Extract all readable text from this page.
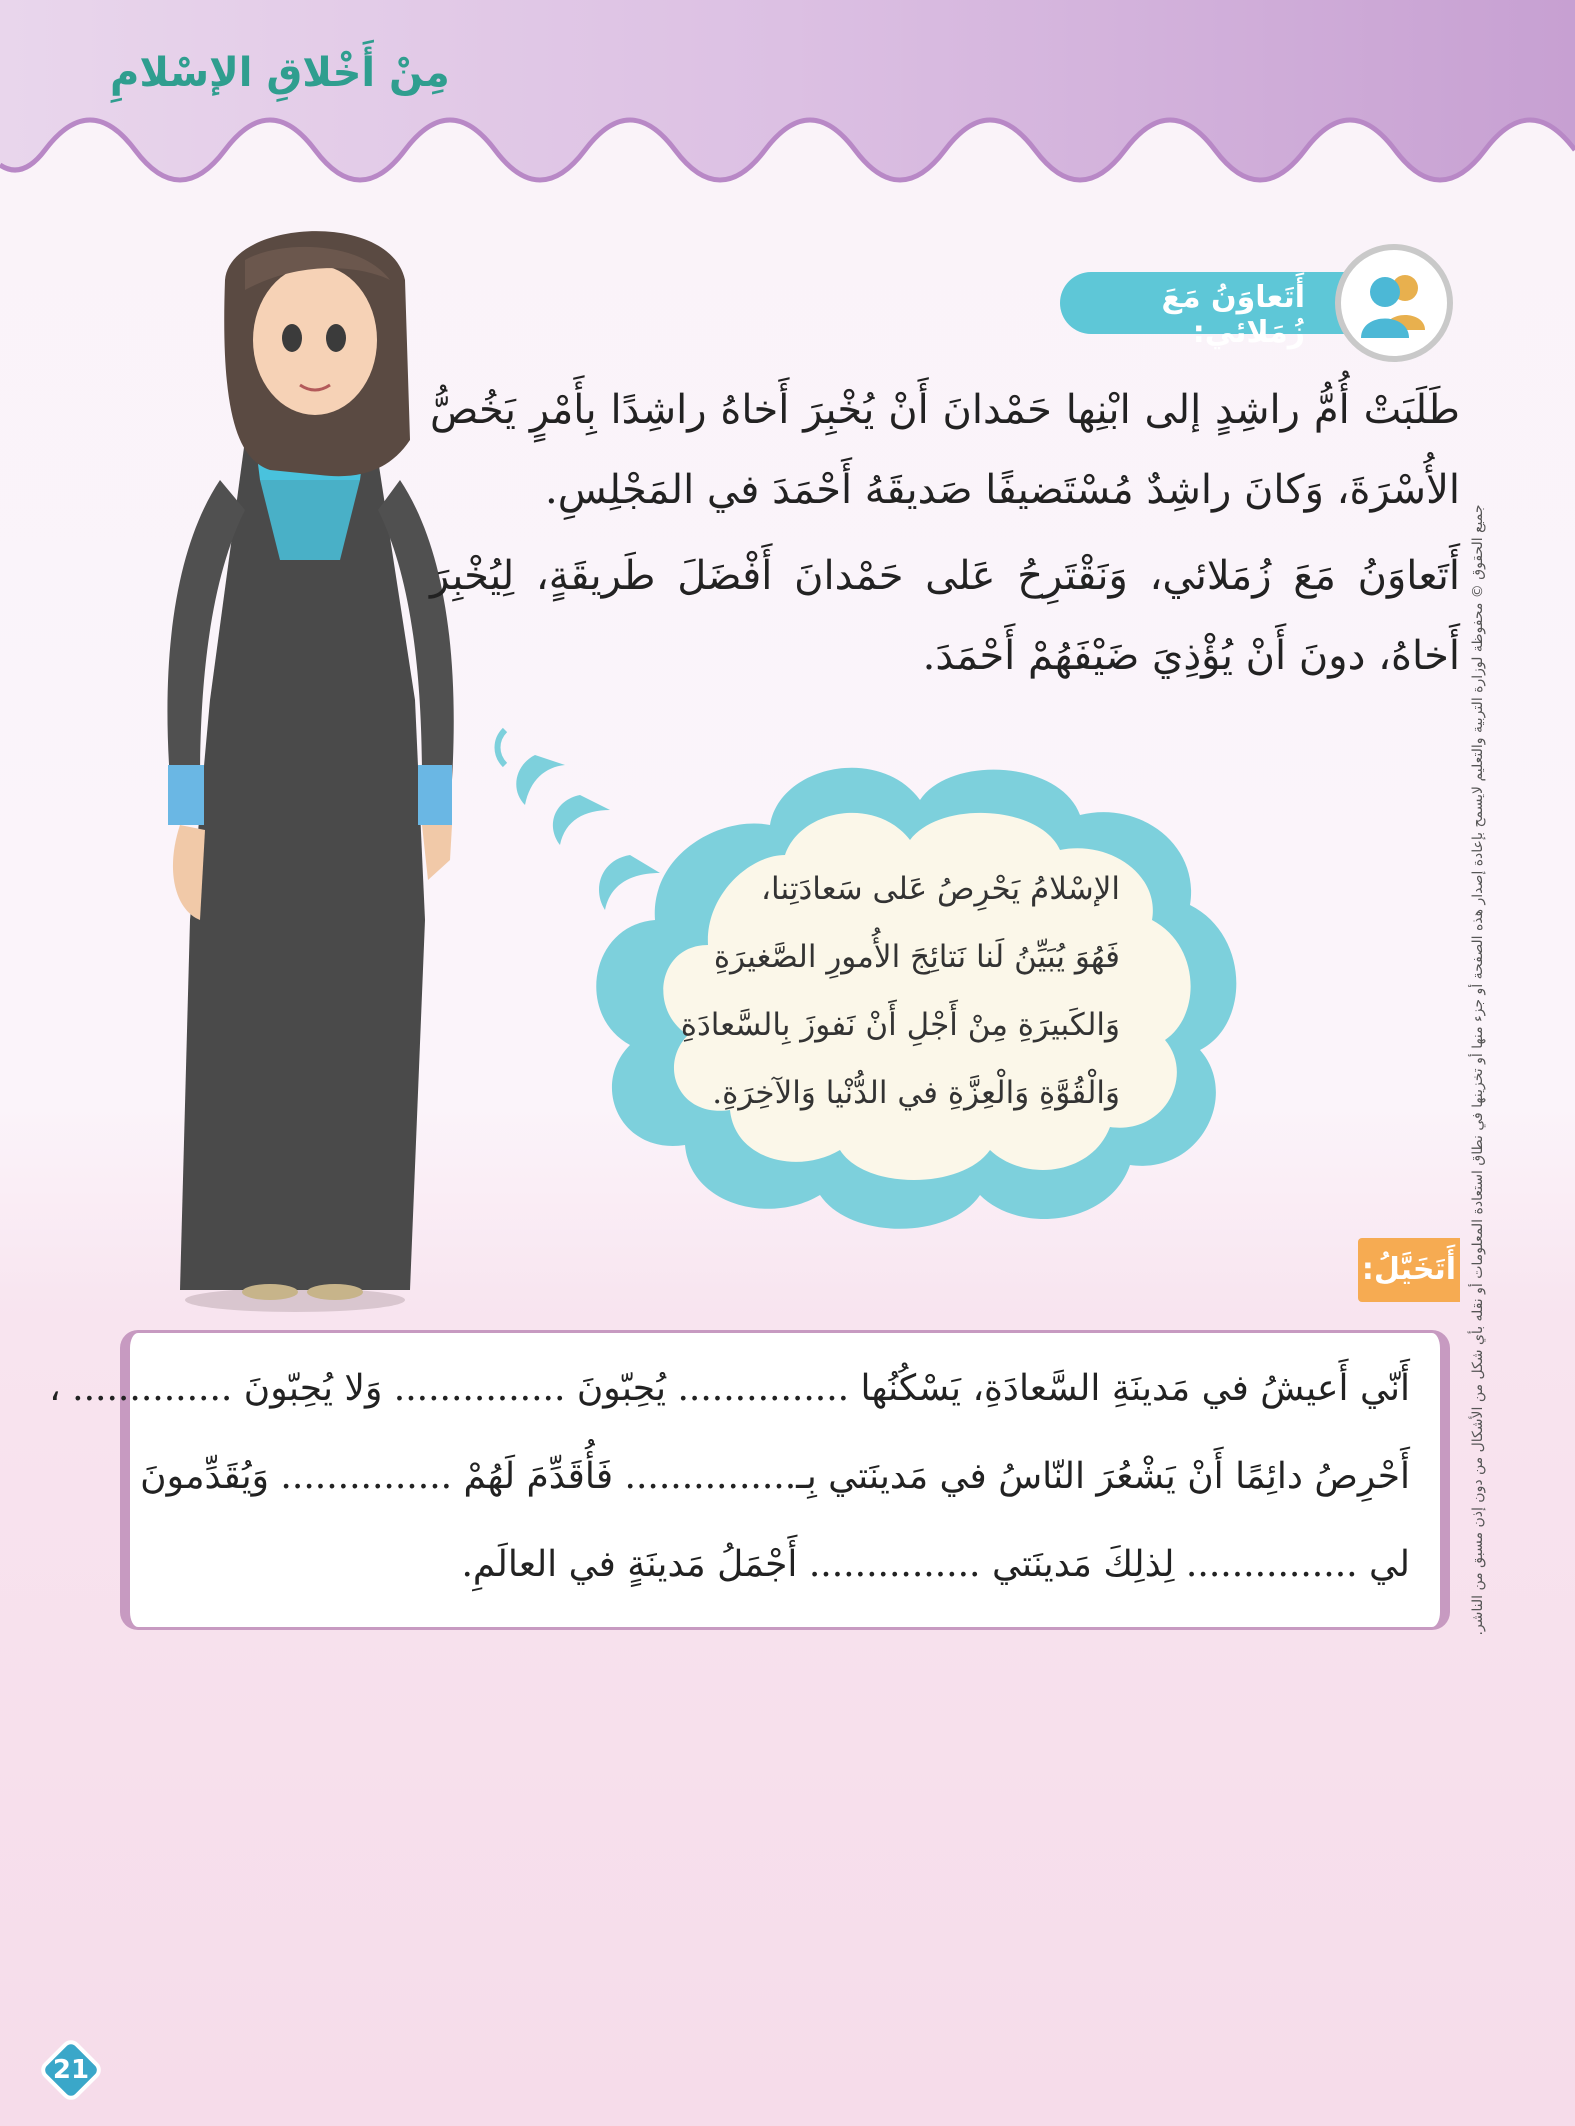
مِنْ أَخْلاقِ الإسْلامِ
أَتَعاوَنُ مَعَ زُمَلائي:

طَلَبَتْ أُمُّ راشِدٍ إلى ابْنِها حَمْدانَ أَنْ يُخْبِرَ أَخاهُ راشِدًا بِأَمْرٍ يَخُصُّ الأُسْرَةَ، وَكانَ راشِدٌ مُسْتَضيفًا صَديقَهُ أَحْمَدَ في المَجْلِسِ.

أَتَعاوَنُ مَعَ زُمَلائي، وَنَقْتَرِحُ عَلى حَمْدانَ أَفْضَلَ طَريقَةٍ، لِيُخْبِرَ أَخاهُ، دونَ أَنْ يُؤْذِيَ ضَيْفَهُمْ أَحْمَدَ.

الإسْلامُ يَحْرِصُ عَلى سَعادَتِنا،
فَهُوَ يُبَيِّنُ لَنا نَتائِجَ الأُمورِ الصَّغيرَةِ
وَالكَبيرَةِ مِنْ أَجْلِ أَنْ نَفوزَ بِالسَّعادَةِ
وَالْقُوَّةِ وَالْعِزَّةِ في الدُّنْيا وَالآخِرَةِ.
أَتَخَيَّلُ:
أَنّي أَعيشُ في مَدينَةِ السَّعادَةِ، يَسْكُنُها ............... يُحِبّونَ ............... وَلا يُحِبّونَ .............. ،
أَحْرِصُ دائِمًا أَنْ يَشْعُرَ النّاسُ في مَدينَتي بِـ............... فَأُقَدِّمَ لَهُمْ ............... وَيُقَدِّمونَ
لي ............... لِذلِكَ مَدينَتي ............... أَجْمَلُ مَدينَةٍ في العالَمِ.	جميع الحقوق © محفوظة لوزارة التربية والتعليم لايسمح بإعادة إصدار هذه الصفحة أو جزء منها أو تخزينها في نطاق استعادة المعلومات أو نقله بأي شكل من الأشكال من دون إذن مسبق من الناشر.
21
